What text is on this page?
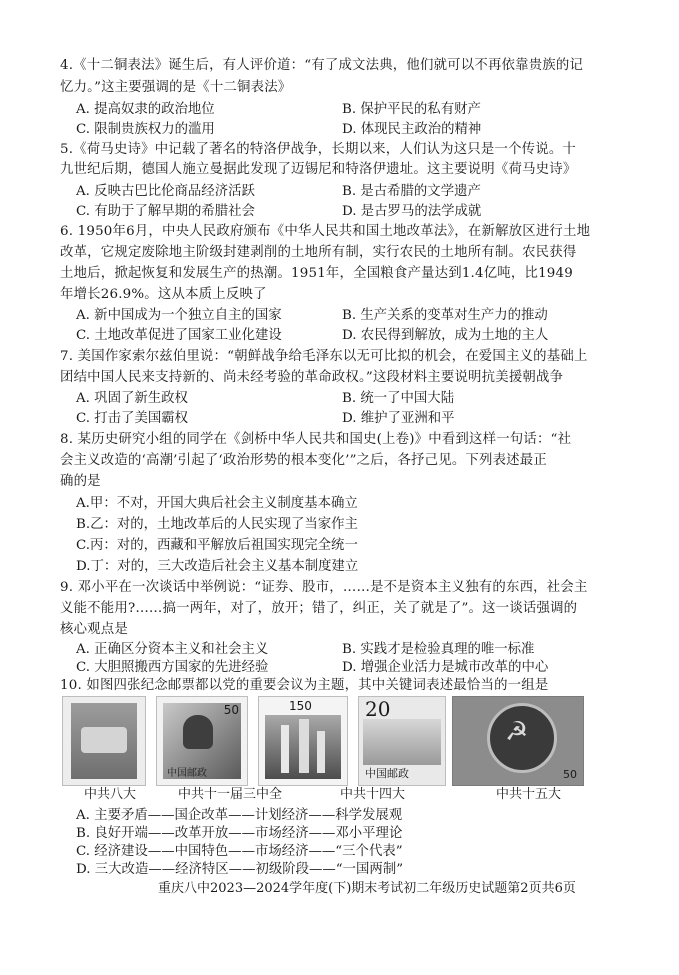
4.《十二铜表法》诞生后，有人评价道：“有了成文法典，他们就可以不再依靠贵族的记
忆力。”这主要强调的是《十二铜表法》
A. 提高奴隶的政治地位	B. 保护平民的私有财产
C. 限制贵族权力的滥用	D. 体现民主政治的精神
5.《荷马史诗》中记载了著名的特洛伊战争，长期以来，人们认为这只是一个传说。十
九世纪后期，德国人施立曼据此发现了迈锡尼和特洛伊遗址。这主要说明《荷马史诗》
A. 反映古巴比伦商品经济活跃	B. 是古希腊的文学遗产
C. 有助于了解早期的希腊社会	D. 是古罗马的法学成就
6. 1950年6月，中央人民政府颁布《中华人民共和国土地改革法》，在新解放区进行土地
改革，它规定废除地主阶级封建剥削的土地所有制，实行农民的土地所有制。农民获得
土地后，掀起恢复和发展生产的热潮。1951年，全国粮食产量达到1.4亿吨，比1949
年增长26.9%。这从本质上反映了
A. 新中国成为一个独立自主的国家	B. 生产关系的变革对生产力的推动
C. 土地改革促进了国家工业化建设	D. 农民得到解放，成为土地的主人
7. 美国作家索尔兹伯里说：“朝鲜战争给毛泽东以无可比拟的机会，在爱国主义的基础上
团结中国人民来支持新的、尚未经考验的革命政权。”这段材料主要说明抗美援朝战争
A. 巩固了新生政权	B. 统一了中国大陆
C. 打击了美国霸权	D. 维护了亚洲和平
8. 某历史研究小组的同学在《剑桥中华人民共和国史(上卷)》中看到这样一句话：“社
会主义改造的‘高潮’引起了‘政治形势的根本变化’”之后，各抒己见。下列表述最正
确的是
A.甲：不对，开国大典后社会主义制度基本确立
B.乙：对的，土地改革后的人民实现了当家作主
C.丙：对的，西藏和平解放后祖国实现完全统一
D.丁：对的，三大改造后社会主义基本制度建立
9. 邓小平在一次谈话中举例说：“证券、股市，……是不是资本主义独有的东西，社会主
义能不能用?……搞一两年，对了，放开；错了，纠正，关了就是了”。这一谈话强调的
核心观点是
A. 正确区分资本主义和社会主义	B. 实践才是检验真理的唯一标准
50
中国邮政
150	20
中国邮政
☭
50
中共八大	中共十一届三中全	中共十四大	中共十五大
A. 主要矛盾——国企改革——计划经济——科学发展观
B. 良好开端——改革开放——市场经济——邓小平理论
C. 经济建设——中国特色——市场经济——“三个代表”
D. 三大改造——经济特区——初级阶段——“一国两制”
重庆八中2023—2024学年度(下)期末考试初二年级历史试题第2页共6页
C. 大胆照搬西方国家的先进经验	D. 增强企业活力是城市改革的中心
10. 如图四张纪念邮票都以党的重要会议为主题，其中关键词表述最恰当的一组是
